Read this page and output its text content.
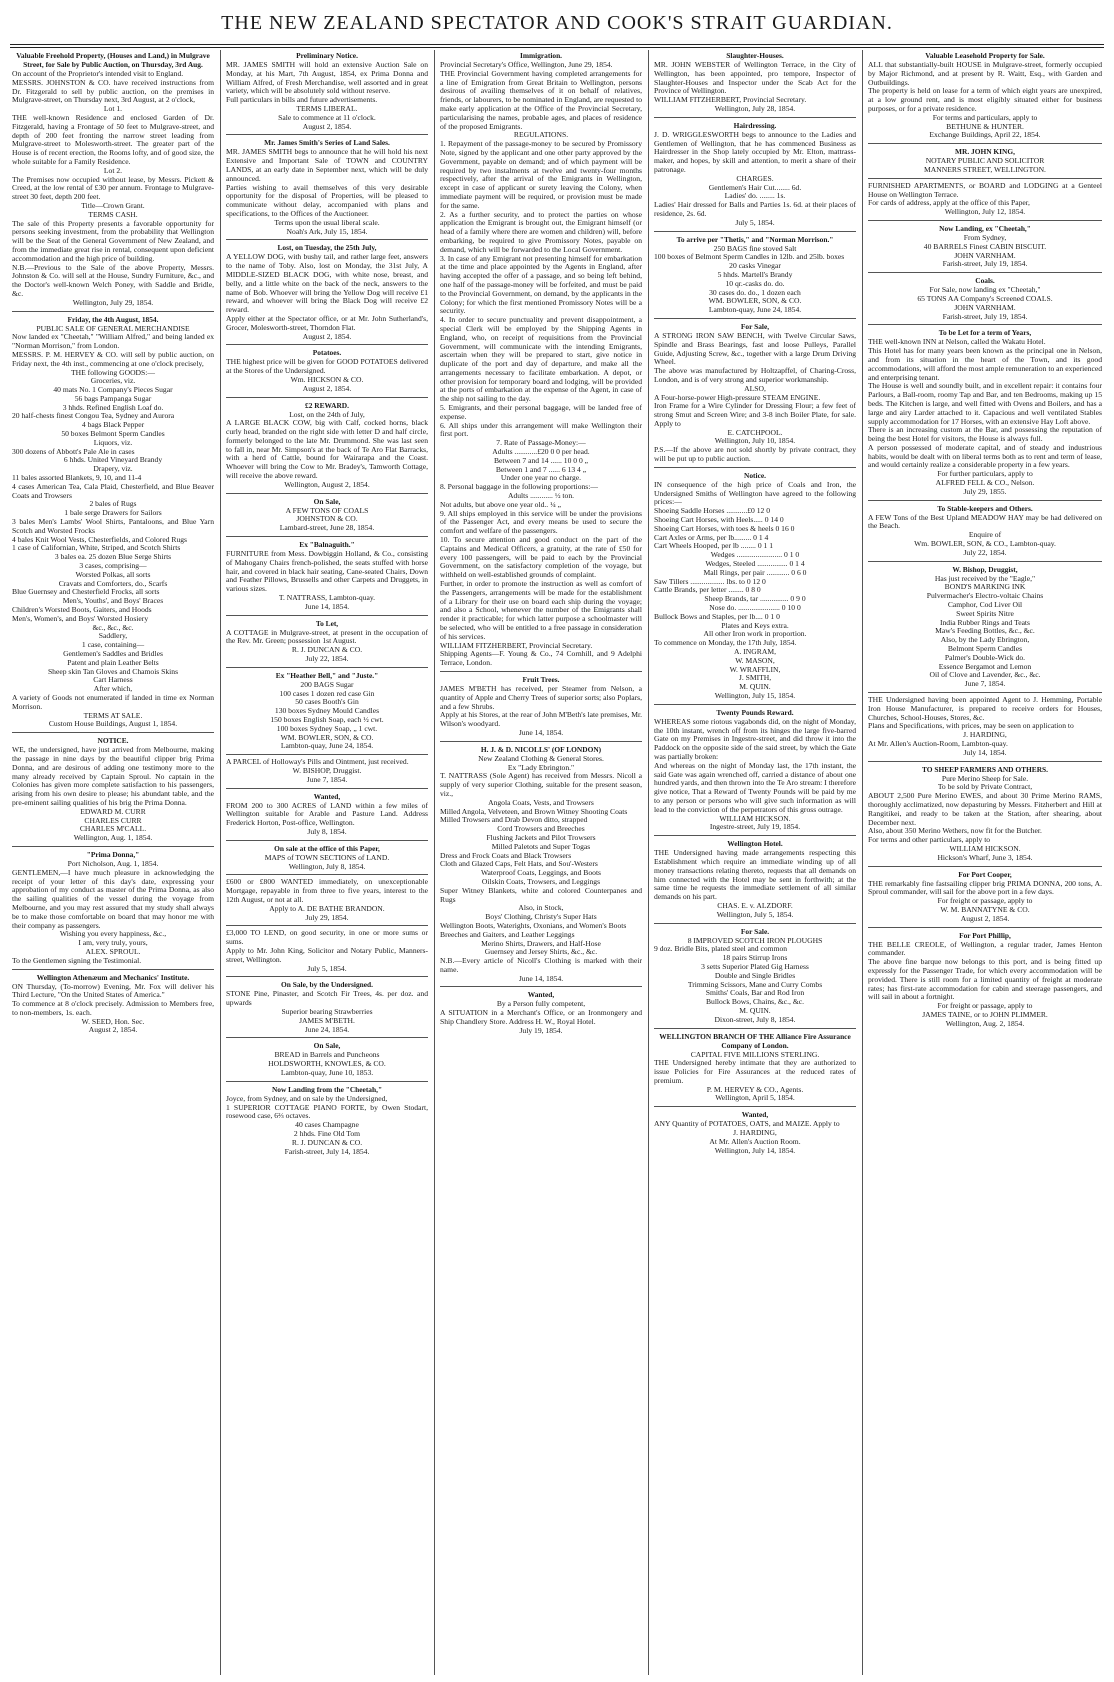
THE NEW ZEALAND SPECTATOR AND COOK'S STRAIT GUARDIAN.
Valuable Freehold Property, (Houses and Land,) in Mulgrave Street, for Sale by Public Auction, on Thursday, 3rd Aug.

On account of the Proprietor's intended visit to England.

MESSRS. JOHNSTON & CO. have received instructions from Dr. Fitzgerald to sell by public auction, on the premises in Mulgrave-street, on Thursday next, 3rd August, at 2 o'clock,

Lot 1.

THE well-known Residence and enclosed Garden of Dr. Fitzgerald, having a Frontage of 50 feet to Mulgrave-street, and depth of 200 feet fronting the narrow street leading from Mulgrave-street to Molesworth-street. The greater part of the House is of recent erection, the Rooms lofty, and of good size, the whole suitable for a Family Residence.

Lot 2.

The Premises now occupied without lease, by Messrs. Pickett & Creed, at the low rental of £30 per annum. Frontage to Mulgrave-street 30 feet, depth 200 feet.

Title—Crown Grant.

TERMS CASH.

The sale of this Property presents a favorable opportunity for persons seeking investment, from the probability that Wellington will be the Seat of the General Government of New Zealand, and from the immediate great rise in rental, consequent upon deficient accommodation and the high price of building.

N.B.—Previous to the Sale of the above Property, Messrs. Johnston & Co. will sell at the House, Sundry Furniture, &c., and the Doctor's well-known Welch Poney, with Saddle and Bridle, &c.

Wellington, July 29, 1854.

Friday, the 4th August, 1854.

PUBLIC SALE OF GENERAL MERCHANDISE

Now landed ex "Cheetah," "William Alfred," and being landed ex "Norman Morrison," from London.

MESSRS. P. M. HERVEY & CO. will sell by public auction, on Friday next, the 4th inst., commencing at one o'clock precisely,

THE following GOODS:—

Groceries, viz.

40 mats No. 1 Company's Pieces Sugar

56 bags Pampanga Sugar

3 hhds. Refined English Loaf do.

20 half-chests finest Congou Tea, Sydney and Aurora

4 bags Black Pepper

50 boxes Belmont Sperm Candles

Liquors, viz.

300 dozens of Abbott's Pale Ale in cases

6 hhds. United Vineyard Brandy

Drapery, viz.

11 bales assorted Blankets, 9, 10, and 11-4

4 cases American Tea, Cala Plaid, Chesterfield, and Blue Beaver Coats and Trowsers

2 bales of Rugs

1 bale serge Drawers for Sailors

3 bales Men's Lambs' Wool Shirts, Pantaloons, and Blue Yarn Scotch and Worsted Frocks

4 bales Knit Wool Vests, Chesterfields, and Colored Rugs

1 case of Californian, White, Striped, and Scotch Shirts

3 bales ea. 25 dozen Blue Serge Shirts

3 cases, comprising—

Worsted Polkas, all sorts

Cravats and Comforters, do., Scarfs

Blue Guernsey and Chesterfield Frocks, all sorts

Men's, Youths', and Boys' Braces

Children's Worsted Boots, Gaiters, and Hoods

Men's, Women's, and Boys' Worsted Hosiery

&c., &c., &c.

Saddlery,

1 case, containing—

Gentlemen's Saddles and Bridles

Patent and plain Leather Belts

Sheep skin Tan Gloves and Chamois Skins

Cart Harness

After which,

A variety of Goods not enumerated if landed in time ex Norman Morrison.

TERMS AT SALE.

Custom House Buildings, August 1, 1854.

NOTICE.

WE, the undersigned, have just arrived from Melbourne, making the passage in nine days by the beautiful clipper brig Prima Donna, and are desirous of adding one testimony more to the many already received by Captain Sproul. No captain in the Colonies has given more complete satisfaction to his passengers, arising from his own desire to please; his abundant table, and the pre-eminent sailing qualities of his brig the Prima Donna.

EDWARD M. CURR

CHARLES CURR

CHARLES M'CALL.

Wellington, Aug. 1, 1854.

"Prima Donna,"

Port Nicholson, Aug. 1, 1854.

GENTLEMEN,—I have much pleasure in acknowledging the receipt of your letter of this day's date, expressing your approbation of my conduct as master of the Prima Donna, as also the sailing qualities of the vessel during the voyage from Melbourne, and you may rest assured that my study shall always be to make those comfortable on board that may honor me with their company as passengers.

Wishing you every happiness, &c.,

I am, very truly, yours,

ALEX. SPROUL.

To the Gentlemen signing the Testimonial.

Wellington Athenæum and Mechanics' Institute.

ON Thursday, (To-morrow) Evening, Mr. Fox will deliver his Third Lecture, "On the United States of America."

To commence at 8 o'clock precisely. Admission to Members free, to non-members, 1s. each.

W. SEED, Hon. Sec.

August 2, 1854.

Preliminary Notice.

MR. JAMES SMITH will hold an extensive Auction Sale on Monday, at his Mart, 7th August, 1854, ex Prima Donna and William Alfred, of Fresh Merchandise, well assorted and in great variety, which will be absolutely sold without reserve.

Full particulars in bills and future advertisements.

TERMS LIBERAL.

Sale to commence at 11 o'clock.

August 2, 1854.

Mr. James Smith's Series of Land Sales.

MR. JAMES SMITH begs to announce that he will hold his next Extensive and Important Sale of TOWN and COUNTRY LANDS, at an early date in September next, which will be duly announced.

Parties wishing to avail themselves of this very desirable opportunity for the disposal of Properties, will be pleased to communicate without delay, accompanied with plans and specifications, to the Offices of the Auctioneer.

Terms upon the usual liberal scale.

Noah's Ark, July 15, 1854.

Lost, on Tuesday, the 25th July,

A YELLOW DOG, with bushy tail, and rather large feet, answers to the name of Toby. Also, lost on Monday, the 31st July, A MIDDLE-SIZED BLACK DOG, with white nose, breast, and belly, and a little white on the back of the neck, answers to the name of Bob. Whoever will bring the Yellow Dog will receive £1 reward, and whoever will bring the Black Dog will receive £2 reward.

Apply either at the Spectator office, or at Mr. John Sutherland's, Grocer, Molesworth-street, Thorndon Flat.

August 2, 1854.

Potatoes.

THE highest price will be given for GOOD POTATOES delivered at the Stores of the Undersigned.

Wm. HICKSON & CO.

August 2, 1854.

£2 REWARD.

Lost, on the 24th of July,

A LARGE BLACK COW, big with Calf, cocked horns, black curly head, branded on the right side with letter D and half circle, formerly belonged to the late Mr. Drummond. She was last seen to fall in, near Mr. Simpson's at the back of Te Aro Flat Barracks, with a herd of Cattle, bound for Wairarapa and the Coast. Whoever will bring the Cow to Mr. Bradey's, Tamworth Cottage, will receive the above reward.

Wellington, August 2, 1854.

On Sale,

A FEW TONS OF COALS

JOHNSTON & CO.

Lambard-street, June 28, 1854.

Ex "Balnaguith."

FURNITURE from Mess. Dowbiggin Holland, & Co., consisting of Mahogany Chairs french-polished, the seats stuffed with horse hair, and covered in black hair seating, Cane-seated Chairs, Down and Feather Pillows, Brussells and other Carpets and Druggets, in various sizes.

T. NATTRASS, Lambton-quay.

June 14, 1854.

To Let,

A COTTAGE in Mulgrave-street, at present in the occupation of the Rev. Mr. Green; possession 1st August.

R. J. DUNCAN & CO.

July 22, 1854.

Ex "Heather Bell," and "Juste."

200 BAGS Sugar

100 cases 1 dozen red case Gin

50 cases Booth's Gin

130 boxes Sydney Mould Candles

150 boxes English Soap, each ½ cwt.

100 boxes Sydney Soap, „ 1 cwt.

WM. BOWLER, SON, & CO.

Lambton-quay, June 24, 1854.

A PARCEL of Holloway's Pills and Ointment, just received.

W. BISHOP, Druggist.

June 7, 1854.

Wanted,

FROM 200 to 300 ACRES of LAND within a few miles of Wellington suitable for Arable and Pasture Land. Address Frederick Horton, Post-office, Wellington.

July 8, 1854.

On sale at the office of this Paper,

MAPS of TOWN SECTIONS of LAND.

Wellington, July 8, 1854.

£600 or £800 WANTED immediately, on unexceptionable Mortgage, repayable in from three to five years, interest to the 12th August, or not at all.

Apply to A. DE BATHE BRANDON.

July 29, 1854.

£3,000 TO LEND, on good security, in one or more sums or sums.

Apply to Mr. John King, Solicitor and Notary Public, Manners-street, Wellington.

July 5, 1854.

On Sale, by the Undersigned.

STONE Pine, Pinaster, and Scotch Fir Trees, 4s. per doz. and upwards

Superior bearing Strawberries

JAMES M'BETH.

June 24, 1854.

On Sale,

BREAD in Barrels and Puncheons

HOLDSWORTH, KNOWLES, & CO.

Lambton-quay, June 10, 1853.

Now Landing from the "Cheetah,"

Joyce, from Sydney, and on sale by the Undersigned,

1 SUPERIOR COTTAGE PIANO FORTE, by Owen Stodart, rosewood case, 6⅔ octaves.

40 cases Champagne

2 hhds. Fine Old Tom

R. J. DUNCAN & CO.

Farish-street, July 14, 1854.

Immigration.

Provincial Secretary's Office, Wellington, June 29, 1854.

THE Provincial Government having completed arrangements for a line of Emigration from Great Britain to Wellington, persons desirous of availing themselves of it on behalf of relatives, friends, or labourers, to be nominated in England, are requested to make early application at the Office of the Provincial Secretary, particularising the names, probable ages, and places of residence of the proposed Emigrants.

REGULATIONS.

1. Repayment of the passage-money to be secured by Promissory Note, signed by the applicant and one other party approved by the Government, payable on demand; and of which payment will be required by two instalments at twelve and twenty-four months respectively, after the arrival of the Emigrants in Wellington, except in case of applicant or surety leaving the Colony, when immediate payment will be required, or provision must be made for the same.

2. As a further security, and to protect the parties on whose application the Emigrant is brought out, the Emigrant himself (or head of a family where there are women and children) will, before embarking, be required to give Promissory Notes, payable on demand, which will be forwarded to the Local Government.

3. In case of any Emigrant not presenting himself for embarkation at the time and place appointed by the Agents in England, after having accepted the offer of a passage, and so being left behind, one half of the passage-money will be forfeited, and must be paid to the Provincial Government, on demand, by the applicants in the Colony; for which the first mentioned Promissory Notes will be a security.

4. In order to secure punctuality and prevent disappointment, a special Clerk will be employed by the Shipping Agents in England, who, on receipt of requisitions from the Provincial Government, will communicate with the intending Emigrants, ascertain when they will be prepared to start, give notice in duplicate of the port and day of departure, and make all the arrangements necessary to facilitate embarkation. A depot, or other provision for temporary board and lodging, will be provided at the ports of embarkation at the expense of the Agent, in case of the ship not sailing to the day.

5. Emigrants, and their personal baggage, will be landed free of expense.

6. All ships under this arrangement will make Wellington their first port.

7. Rate of Passage-Money:—

Adults ............£20 0 0 per head.

Between 7 and 14 ...... 10 0 0 „

Between 1 and 7 ...... 6 13 4 „

Under one year no charge.

8. Personal baggage in the following proportions:—

Adults ............ ½ ton.

Not adults, but above one year old.. ¼ „

9. All ships employed in this service will be under the provisions of the Passenger Act, and every means be used to secure the comfort and welfare of the passengers.

10. To secure attention and good conduct on the part of the Captains and Medical Officers, a gratuity, at the rate of £50 for every 100 passengers, will be paid to each by the Provincial Government, on the satisfactory completion of the voyage, but withheld on well-established grounds of complaint.

Further, in order to promote the instruction as well as comfort of the Passengers, arrangements will be made for the establishment of a Library for their use on board each ship during the voyage; and also a School, whenever the number of the Emigrants shall render it practicable; for which latter purpose a schoolmaster will be selected, who will be entitled to a free passage in consideration of his services.

WILLIAM FITZHERBERT, Provincial Secretary.

Shipping Agents—F. Young & Co., 74 Cornhill, and 9 Adelphi Terrace, London.

Fruit Trees.

JAMES M'BETH has received, per Steamer from Nelson, a quantity of Apple and Cherry Trees of superior sorts; also Poplars, and a few Shrubs.

Apply at his Stores, at the rear of John M'Beth's late premises, Mr. Wilson's woodyard.

June 14, 1854.

H. J. & D. NICOLLS' (OF LONDON)

New Zealand Clothing & General Stores.

Ex "Lady Ebrington."

T. NATTRASS (Sole Agent) has received from Messrs. Nicoll a supply of very superior Clothing, suitable for the present season, viz.,

Angola Coats, Vests, and Trowsers

Milled Angola, Velveteen, and Brown Witney Shooting Coats

Milled Trowsers and Drab Devon ditto, strapped

Cord Trowsers and Breeches

Flushing Jackets and Pilot Trowsers

Milled Paletots and Super Togas

Dress and Frock Coats and Black Trowsers

Cloth and Glazed Caps, Felt Hats, and Sou'-Westers

Waterproof Coats, Leggings, and Boots

Oilskin Coats, Trowsers, and Leggings

Super Witney Blankets, white and colored Counterpanes and Rugs

Also, in Stock,

Boys' Clothing, Christy's Super Hats

Wellington Boots, Waterights, Oxonians, and Women's Boots

Breeches and Gaiters, and Leather Leggings

Merino Shirts, Drawers, and Half-Hose

Guernsey and Jersey Shirts, &c., &c.

N.B.—Every article of Nicoll's Clothing is marked with their name.

June 14, 1854.

Wanted,

By a Person fully competent,

A SITUATION in a Merchant's Office, or an Ironmongery and Ship Chandlery Store. Address H. W., Royal Hotel.

July 19, 1854.

Slaughter-Houses.

MR. JOHN WEBSTER of Wellington Terrace, in the City of Wellington, has been appointed, pro tempore, Inspector of Slaughter-Houses and Inspector under the Scab Act for the Province of Wellington.

WILLIAM FITZHERBERT, Provincial Secretary.

Wellington, July 28, 1854.

Hairdressing.

J. D. WRIGGLESWORTH begs to announce to the Ladies and Gentlemen of Wellington, that he has commenced Business as Hairdresser in the Shop lately occupied by Mr. Elton, mattrass-maker, and hopes, by skill and attention, to merit a share of their patronage.

CHARGES.

Gentlemen's Hair Cut........ 6d.

Ladies' do. ........ 1s.

Ladies' Hair dressed for Balls and Parties 1s. 6d. at their places of residence, 2s. 6d.

July 5, 1854.

To arrive per "Thetis," and "Norman Morrison."

250 BAGS fine stoved Salt

100 boxes of Belmont Sperm Candles in 12lb. and 25lb. boxes

20 casks Vinegar

5 hhds. Martell's Brandy

10 qr.-casks do. do.

30 cases do. do., 1 dozen each

WM. BOWLER, SON, & CO.

Lambton-quay, June 24, 1854.

For Sale,

A STRONG IRON SAW BENCH, with Twelve Circular Saws, Spindle and Brass Bearings, fast and loose Pulleys, Parallel Guide, Adjusting Screw, &c., together with a large Drum Driving Wheel.

The above was manufactured by Holtzapffel, of Charing-Cross, London, and is of very strong and superior workmanship.

ALSO,

A Four-horse-power High-pressure STEAM ENGINE.

Iron Frame for a Wire Cylinder for Dressing Flour; a few feet of strong Smut and Screen Wire; and 3-8 inch Boiler Plate, for sale. Apply to

E. CATCHPOOL.

Wellington, July 10, 1854.

P.S.—If the above are not sold shortly by private contract, they will be put up to public auction.

Notice.

IN consequence of the high price of Coals and Iron, the Undersigned Smiths of Wellington have agreed to the following prices:—

Shoeing Saddle Horses ...........£0 12 0

Shoeing Cart Horses, with Heels..... 0 14 0

Shoeing Cart Horses, with toes & heels 0 16 0

Cart Axles or Arms, per lb......... 0 1 4

Cart Wheels Hooped, per lb ........ 0 1 1

Wedges ........................ 0 1 0

Wedges, Steeled ................ 0 1 4

Mall Rings, per pair ............ 0 6 0

Saw Tillers .................. lbs. to 0 12 0

Cattle Brands, per letter ........ 0 8 0

Sheep Brands, tar ............... 0 9 0

Nose do. ...................... 0 10 0

Bullock Bows and Staples, per lb.... 0 1 0

Plates and Keys extra.

All other Iron work in proportion.

To commence on Monday, the 17th July, 1854.

A. INGRAM,

W. MASON,

W. WRAFFLIN,

J. SMITH,

M. QUIN.

Wellington, July 15, 1854.

Twenty Pounds Reward.

WHEREAS some riotous vagabonds did, on the night of Monday, the 10th instant, wrench off from its hinges the large five-barred Gate on my Premises in Ingestre-street, and did throw it into the Paddock on the opposite side of the said street, by which the Gate was partially broken:

And whereas on the night of Monday last, the 17th instant, the said Gate was again wrenched off, carried a distance of about one hundred yards, and then thrown into the Te Aro stream: I therefore give notice, That a Reward of Twenty Pounds will be paid by me to any person or persons who will give such information as will lead to the conviction of the perpetrators of this gross outrage.

WILLIAM HICKSON.

Ingestre-street, July 19, 1854.

Wellington Hotel.

THE Undersigned having made arrangements respecting this Establishment which require an immediate winding up of all money transactions relating thereto, requests that all demands on him connected with the Hotel may be sent in forthwith; at the same time he requests the immediate settlement of all similar demands on his part.

CHAS. E. v. ALZDORF.

Wellington, July 5, 1854.

For Sale.

8 IMPROVED SCOTCH IRON PLOUGHS

9 doz. Bridle Bits, plated steel and common

18 pairs Stirrup Irons

3 setts Superior Plated Gig Harness

Double and Single Bridles

Trimming Scissors, Mane and Curry Combs

Smiths' Coals, Bar and Rod Iron

Bullock Bows, Chains, &c., &c.

M. QUIN.

Dixon-street, July 8, 1854.

WELLINGTON BRANCH OF THE Alliance Fire Assurance Company of London.

CAPITAL FIVE MILLIONS STERLING.

THE Undersigned hereby intimate that they are authorized to issue Policies for Fire Assurances at the reduced rates of premium.

P. M. HERVEY & CO., Agents.

Wellington, April 5, 1854.

Wanted,

ANY Quantity of POTATOES, OATS, and MAIZE. Apply to

J. HARDING,

At Mr. Allen's Auction Room.

Wellington, July 14, 1854.

Valuable Leasehold Property for Sale.

ALL that substantially-built HOUSE in Mulgrave-street, formerly occupied by Major Richmond, and at present by R. Waitt, Esq., with Garden and Outbuildings.

The property is held on lease for a term of which eight years are unexpired, at a low ground rent, and is most eligibly situated either for business purposes, or for a private residence.

For terms and particulars, apply to

BETHUNE & HUNTER.

Exchange Buildings, April 22, 1854.

MR. JOHN KING,

NOTARY PUBLIC AND SOLICITOR

MANNERS STREET, WELLINGTON.

FURNISHED APARTMENTS, or BOARD and LODGING at a Genteel House on Wellington Terrace.

For cards of address, apply at the office of this Paper,

Wellington, July 12, 1854.

Now Landing, ex "Cheetah,"

From Sydney,

40 BARRELS Finest CABIN BISCUIT.

JOHN VARNHAM.

Farish-street, July 19, 1854.

Coals.

For Sale, now landing ex "Cheetah,"

65 TONS AA Company's Screened COALS.

JOHN VARNHAM.

Farish-street, July 19, 1854.

To be Let for a term of Years,

THE well-known INN at Nelson, called the Wakatu Hotel.

This Hotel has for many years been known as the principal one in Nelson, and from its situation in the heart of the Town, and its good accommodations, will afford the most ample remuneration to an experienced and enterprising tenant.

The House is well and soundly built, and in excellent repair: it contains four Parlours, a Ball-room, roomy Tap and Bar, and ten Bedrooms, making up 15 beds. The Kitchen is large, and well fitted with Ovens and Boilers, and has a large and airy Larder attached to it. Capacious and well ventilated Stables supply accommodation for 17 Horses, with an extensive Hay Loft above.

There is an increasing custom at the Bar, and possessing the reputation of being the best Hotel for visitors, the House is always full.

A person possessed of moderate capital, and of steady and industrious habits, would be dealt with on liberal terms both as to rent and term of lease, and would certainly realize a considerable property in a few years.

For further particulars, apply to

ALFRED FELL & CO., Nelson.

July 29, 1855.

To Stable-keepers and Others.

A FEW Tons of the Best Upland MEADOW HAY may be had delivered on the Beach.

Enquire of

Wm. BOWLER, SON, & CO., Lambton-quay.

July 22, 1854.

W. Bishop, Druggist,

Has just received by the "Eagle,"

BOND'S MARKING INK

Pulvermacher's Electro-voltaic Chains

Camphor, Cod Liver Oil

Sweet Spirits Nitre

India Rubber Rings and Teats

Maw's Feeding Bottles, &c., &c.

Also, by the Lady Ebrington,

Belmont Sperm Candles

Palmer's Double-Wick do.

Essence Bergamot and Lemon

Oil of Clove and Lavender, &c., &c.

June 7, 1854.

THE Undersigned having been appointed Agent to J. Hemming, Portable Iron House Manufacturer, is prepared to receive orders for Houses, Churches, School-Houses, Stores, &c.

Plans and Specifications, with prices, may be seen on application to

J. HARDING,

At Mr. Allen's Auction-Room, Lambton-quay.

July 14, 1854.

TO SHEEP FARMERS AND OTHERS.

Pure Merino Sheep for Sale.

To be sold by Private Contract,

ABOUT 2,500 Pure Merino EWES, and about 30 Prime Merino RAMS, thoroughly acclimatized, now depasturing by Messrs. Fitzherbert and Hill at Rangitikei, and ready to be taken at the Station, after shearing, about December next.

Also, about 350 Merino Wethers, now fit for the Butcher.

For terms and other particulars, apply to

WILLIAM HICKSON.

Hickson's Wharf, June 3, 1854.

For Port Cooper,

THE remarkably fine fastsailing clipper brig PRIMA DONNA, 200 tons, A. Sproul commander, will sail for the above port in a few days.

For freight or passage, apply to

W. M. BANNATYNE & CO.

August 2, 1854.

For Port Phillip,

THE BELLE CREOLE, of Wellington, a regular trader, James Henton commander.

The above fine barque now belongs to this port, and is being fitted up expressly for the Passenger Trade, for which every accommodation will be provided. There is still room for a limited quantity of freight at moderate rates; has first-rate accommodation for cabin and steerage passengers, and will sail in about a fortnight.

For freight or passage, apply to

JAMES TAINE, or to JOHN PLIMMER.

Wellington, Aug. 2, 1854.
